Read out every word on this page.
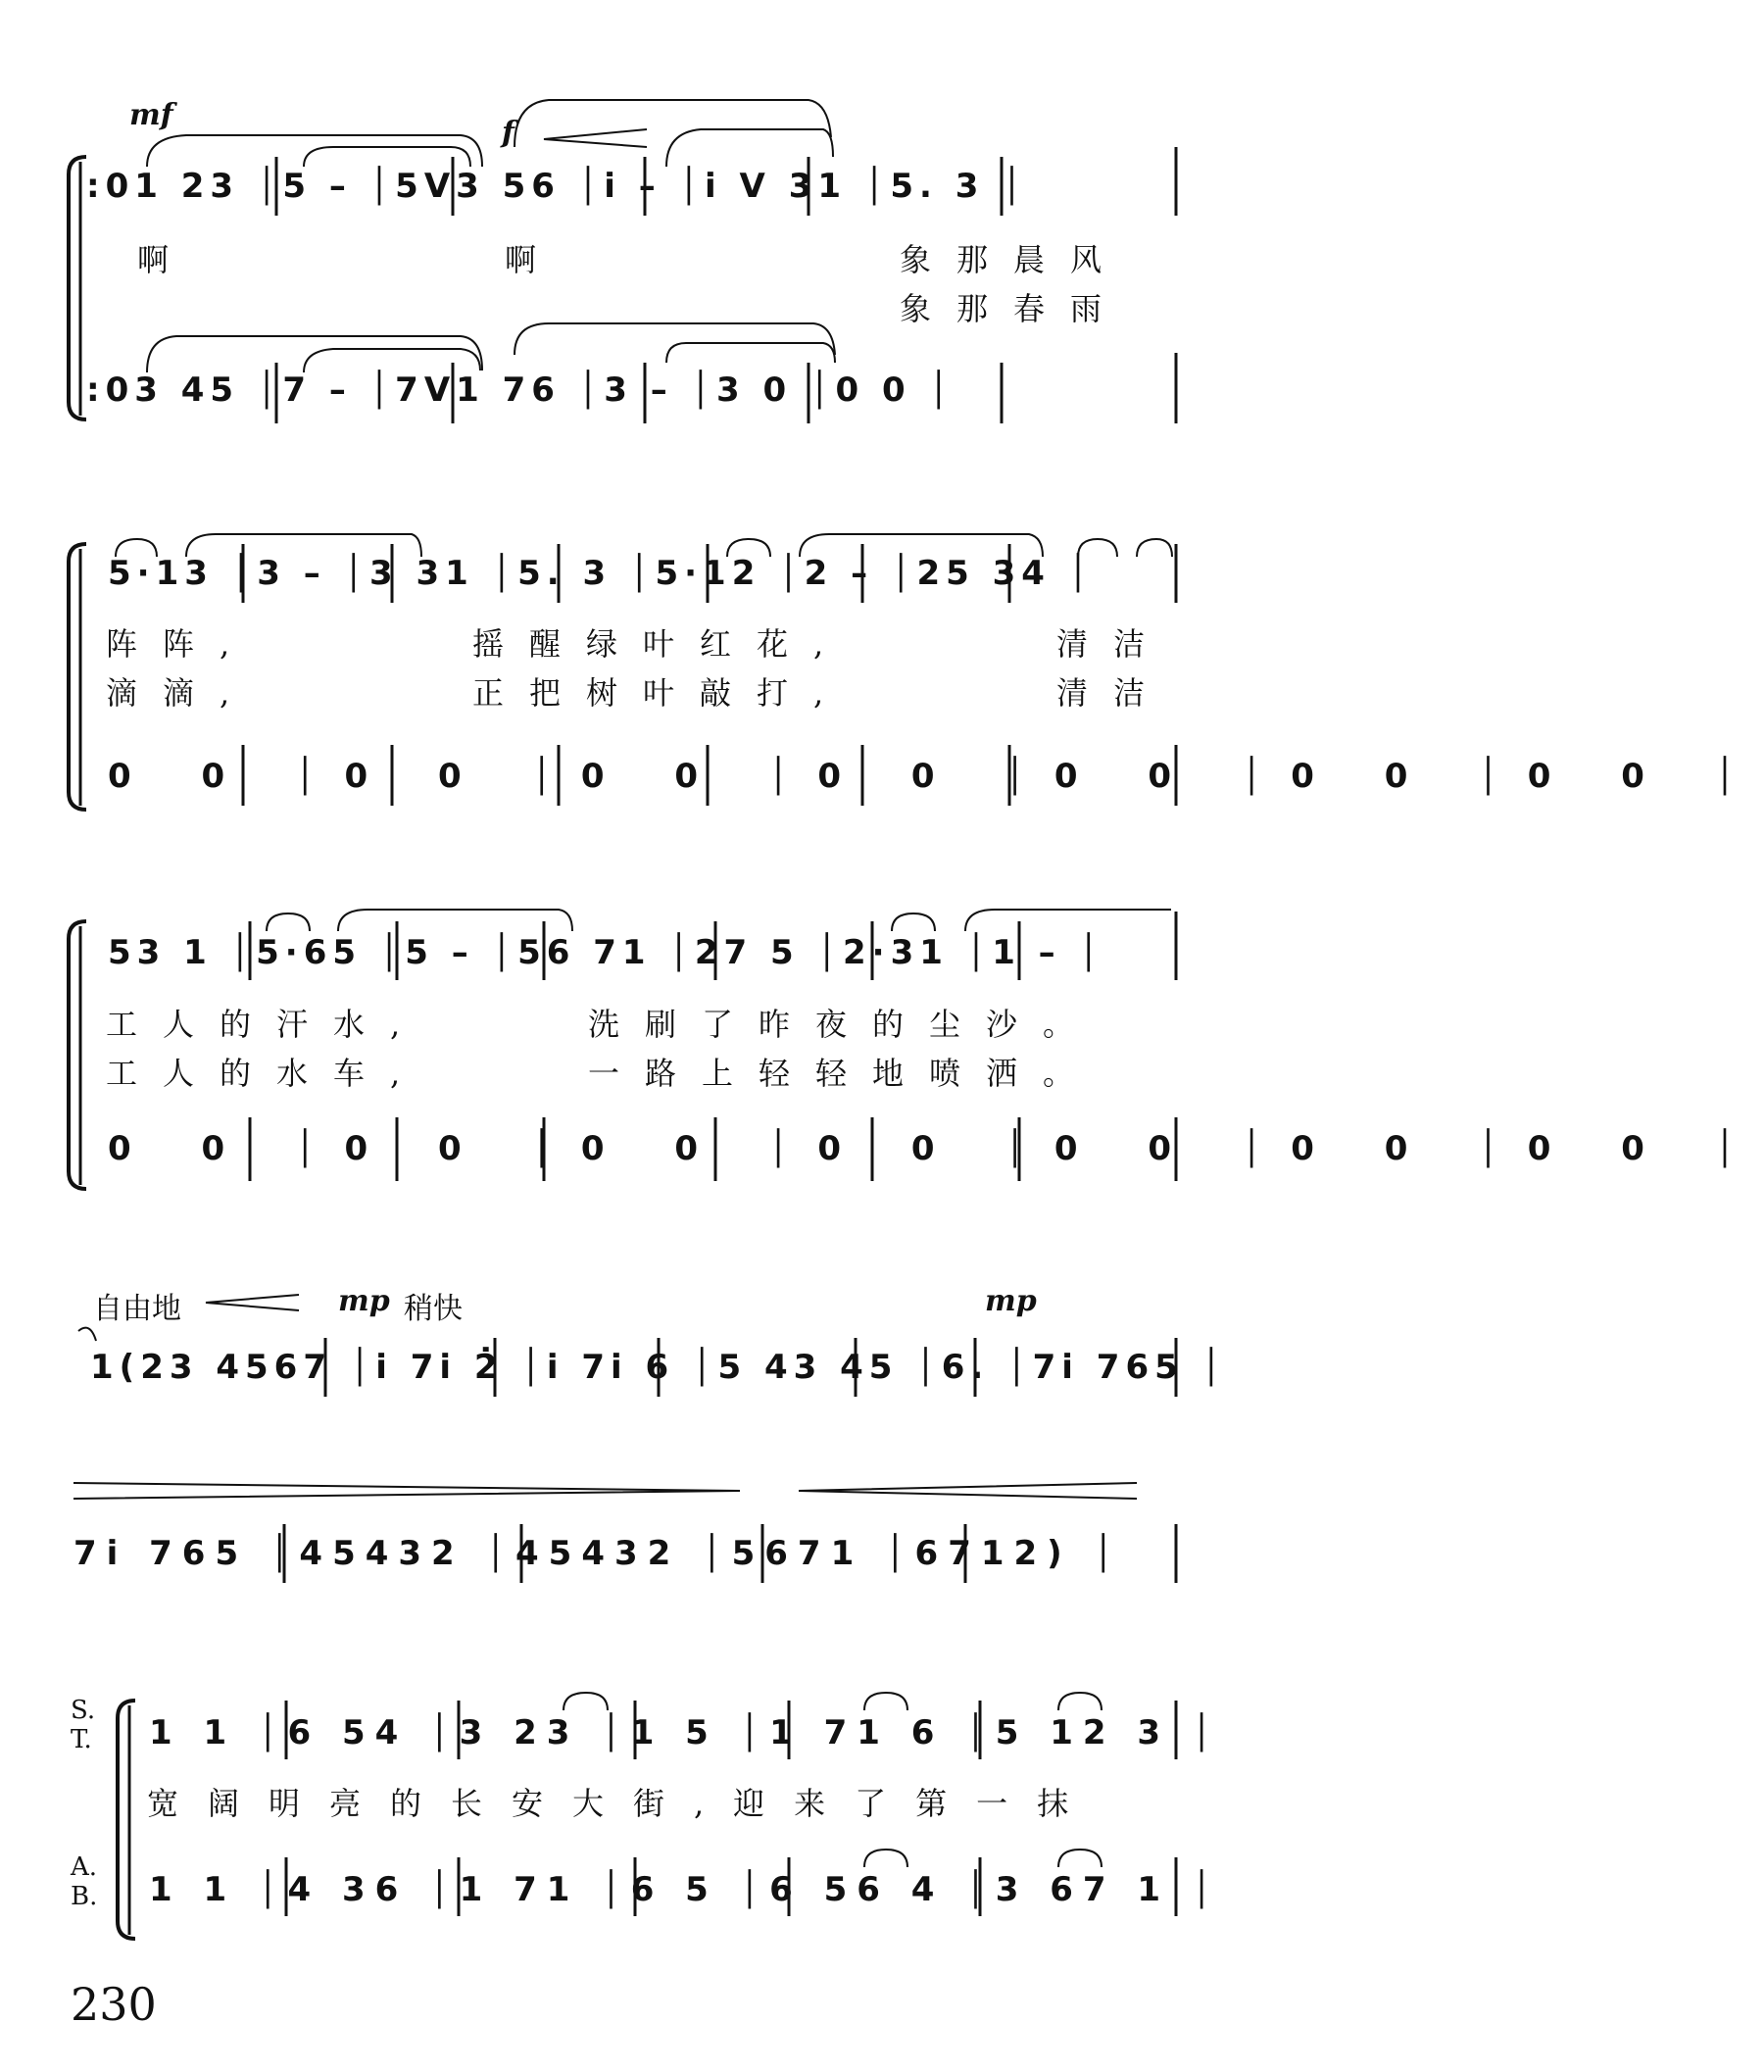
mf
f
:01 23 │5 – │5V3 56 │i̇ – │i̇ V 31 │5. 3 │
啊	啊	象那晨风
象那春雨
:03 45 │7 – │7V1 76 │3 – │3 0 │0 0 │
5·13 │3 – │3 31 │5. 3 │5·12 │2 – │25 34 │
阵阵,	摇醒绿叶红花,	清洁
滴滴,	正把树叶敲打,	清洁
0 0 │0 0 │0 0 │0 0 │0 0 │0 0 │0 0 │
53 1 │5·65 │5 – │56 71 │27 5 │2·31 │1 – │
工人的汗水,	洗刷了昨夜的尘沙。
工人的水车,	一路上轻轻地喷洒。
0 0 │0 0 │0 0 │0 0 │0 0 │0 0 │0 0 │
自由地	mp 稍快	mp
1(23 4567 │i̇ 7i̇ 2̇ │i̇ 7i̇ 6 │5 43 45 │6. │7i̇ 765 │
7i̇ 765 │45432 │45432 │5671 │6712) │
S.
T.
A.
B.
1 1 │6 54 │3 23 │1 5 │1 71 6 │5 12 3 │
宽阔明亮的长安大街,迎来了第一抹
1 1 │4 36 │1 71 │6 5 │6 56 4 │3 67 1 │
230
